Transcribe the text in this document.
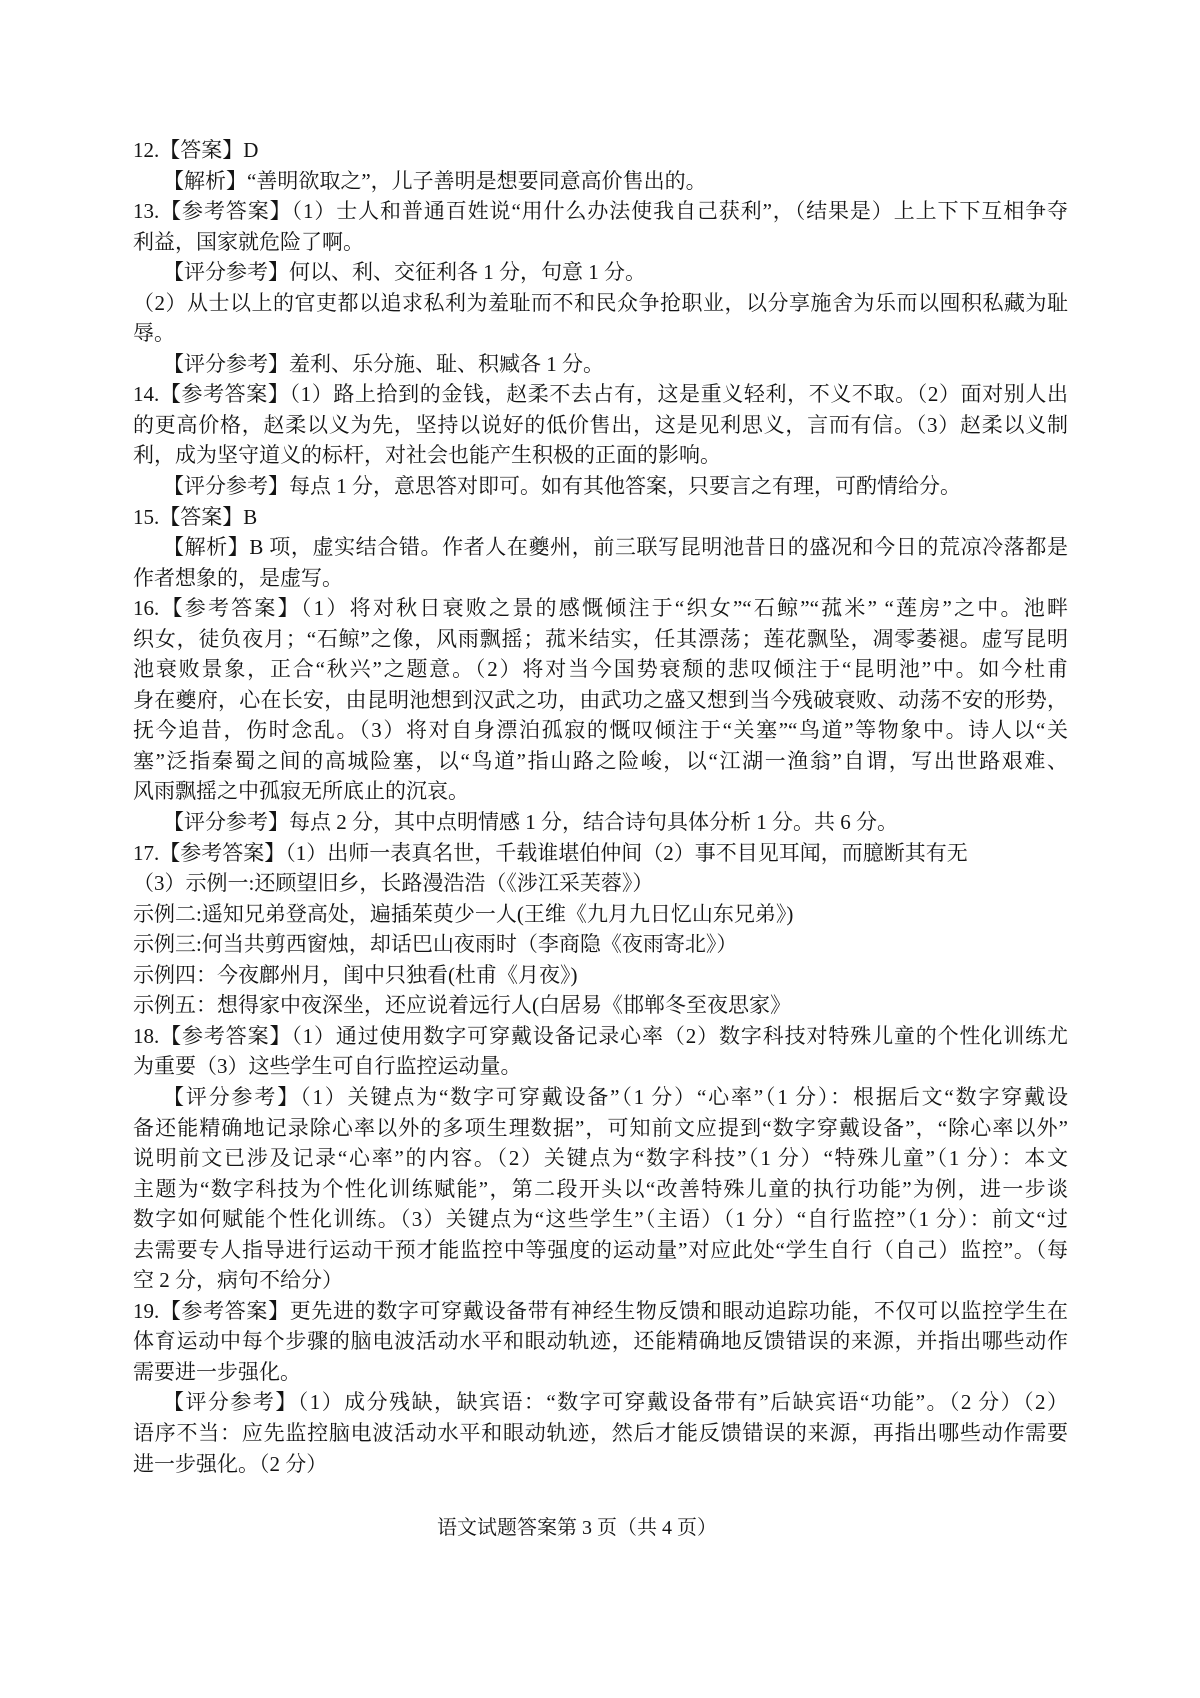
12.【答案】D
【解析】“善明欲取之”，儿子善明是想要同意高价售出的。
13.【参考答案】（1）士人和普通百姓说“用什么办法使我自己获利”，（结果是）上上下下互相争夺
利益，国家就危险了啊。
【评分参考】何以、利、交征利各 1 分，句意 1 分。
（2）从士以上的官吏都以追求私利为羞耻而不和民众争抢职业，以分享施舍为乐而以囤积私藏为耻
辱。
【评分参考】羞利、乐分施、耻、积臧各 1 分。
14.【参考答案】（1）路上拾到的金钱，赵柔不去占有，这是重义轻利，不义不取。（2）面对别人出
的更高价格，赵柔以义为先，坚持以说好的低价售出，这是见利思义，言而有信。（3）赵柔以义制
利，成为坚守道义的标杆，对社会也能产生积极的正面的影响。
【评分参考】每点 1 分，意思答对即可。如有其他答案，只要言之有理，可酌情给分。
15.【答案】B
【解析】B 项，虚实结合错。作者人在夔州，前三联写昆明池昔日的盛况和今日的荒凉冷落都是
作者想象的，是虚写。
16.【参考答案】（1）将对秋日衰败之景的感慨倾注于“织女”“石鲸”“菰米” “莲房”之中。池畔
织女，徒负夜月；“石鲸”之像，风雨飘摇；菰米结实，任其漂荡；莲花飘坠，凋零萎褪。虚写昆明
池衰败景象，正合“秋兴”之题意。（2）将对当今国势衰颓的悲叹倾注于“昆明池”中。如今杜甫
身在夔府，心在长安，由昆明池想到汉武之功，由武功之盛又想到当今残破衰败、动荡不安的形势，
抚今追昔，伤时念乱。（3）将对自身漂泊孤寂的慨叹倾注于“关塞”“鸟道”等物象中。诗人以“关
塞”泛指秦蜀之间的高城险塞，以“鸟道”指山路之险峻，以“江湖一渔翁”自谓，写出世路艰难、
风雨飘摇之中孤寂无所底止的沉哀。
【评分参考】每点 2 分，其中点明情感 1 分，结合诗句具体分析 1 分。共 6 分。
17.【参考答案】（1）出师一表真名世，千载谁堪伯仲间（2）事不目见耳闻，而臆断其有无
（3）示例一:还顾望旧乡，长路漫浩浩（《涉江采芙蓉》）
示例二:遥知兄弟登高处，遍插茱萸少一人(王维《九月九日忆山东兄弟》)
示例三:何当共剪西窗烛，却话巴山夜雨时（李商隐《夜雨寄北》）
示例四：今夜鄜州月，闺中只独看(杜甫《月夜》)
示例五：想得家中夜深坐，还应说着远行人(白居易《邯郸冬至夜思家》
18.【参考答案】（1）通过使用数字可穿戴设备记录心率（2）数字科技对特殊儿童的个性化训练尤
为重要（3）这些学生可自行监控运动量。
【评分参考】（1）关键点为“数字可穿戴设备”（1 分）“心率”（1 分）：根据后文“数字穿戴设
备还能精确地记录除心率以外的多项生理数据”，可知前文应提到“数字穿戴设备”，“除心率以外”
说明前文已涉及记录“心率”的内容。（2）关键点为“数字科技”（1 分）“特殊儿童”（1 分）：本文
主题为“数字科技为个性化训练赋能”，第二段开头以“改善特殊儿童的执行功能”为例，进一步谈
数字如何赋能个性化训练。（3）关键点为“这些学生”（主语）（1 分）“自行监控”（1 分）：前文“过
去需要专人指导进行运动干预才能监控中等强度的运动量”对应此处“学生自行（自己）监控”。（每
空 2 分，病句不给分）
19.【参考答案】更先进的数字可穿戴设备带有神经生物反馈和眼动追踪功能，不仅可以监控学生在
体育运动中每个步骤的脑电波活动水平和眼动轨迹，还能精确地反馈错误的来源，并指出哪些动作
需要进一步强化。
【评分参考】（1）成分残缺，缺宾语：“数字可穿戴设备带有”后缺宾语“功能”。（2 分）（2）
语序不当：应先监控脑电波活动水平和眼动轨迹，然后才能反馈错误的来源，再指出哪些动作需要
进一步强化。（2 分）
语文试题答案第 3 页（共 4 页）
